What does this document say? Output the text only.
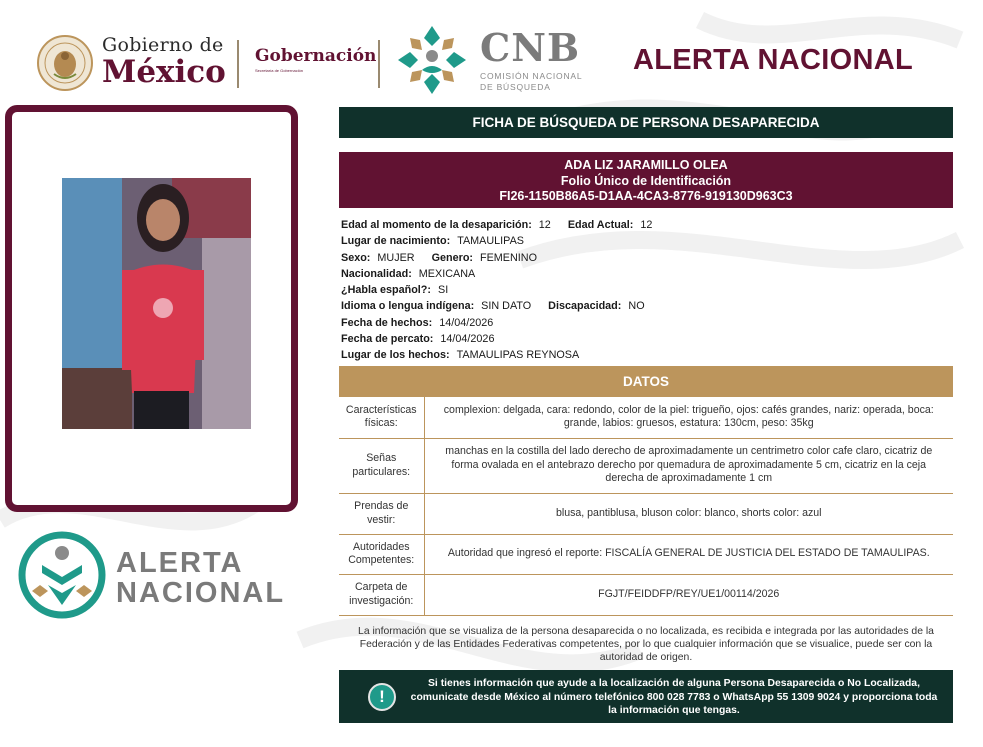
Gobierno de
México Gobernación
Secretaría de Gobernación
CNB
COMISIÓN NACIONAL
DE BÚSQUEDA
ALERTA NACIONAL
ALERTA
NACIONAL
FICHA DE BÚSQUEDA DE PERSONA DESAPARECIDA
ADA LIZ JARAMILLO OLEA
Folio Único de Identificación
FI26-1150B86A5-D1AA-4CA3-8776-919130D963C3
Edad al momento de la desaparición: 12 Edad Actual: 12
Lugar de nacimiento: TAMAULIPAS
Sexo: MUJER Genero: FEMENINO
Nacionalidad: MEXICANA
¿Habla español?: SI
Idioma o lengua indígena: SIN DATO Discapacidad: NO
Fecha de hechos: 14/04/2026
Fecha de percato: 14/04/2026
Lugar de los hechos: TAMAULIPAS REYNOSA
DATOS
Características físicas:	complexion: delgada, cara: redondo, color de la piel: trigueño, ojos: cafés grandes, nariz: operada, boca: grande, labios: gruesos, estatura: 130cm, peso: 35kg
Señas particulares:	manchas en la costilla del lado derecho de aproximadamente un centrimetro color cafe claro, cicatriz de forma ovalada en el antebrazo derecho por quemadura de aproximadamente 5 cm, cicatriz en la ceja derecha de aproximadamente 1 cm
Prendas de vestir:	blusa, pantiblusa, bluson color: blanco, shorts color: azul
Autoridades Competentes:	Autoridad que ingresó el reporte: FISCALÍA GENERAL DE JUSTICIA DEL ESTADO DE TAMAULIPAS.
Carpeta de investigación:	FGJT/FEIDDFP/REY/UE1/00114/2026
La información que se visualiza de la persona desaparecida o no localizada, es recibida e integrada por las autoridades de la Federación y de las Entidades Federativas competentes, por lo que cualquier información que se visualice, puede ser con la autoridad de origen.
!
Si tienes información que ayude a la localización de alguna Persona Desaparecida o No Localizada, comunicate desde México al número telefónico 800 028 7783 o WhatsApp 55 1309 9024 y proporciona toda la información que tengas.
